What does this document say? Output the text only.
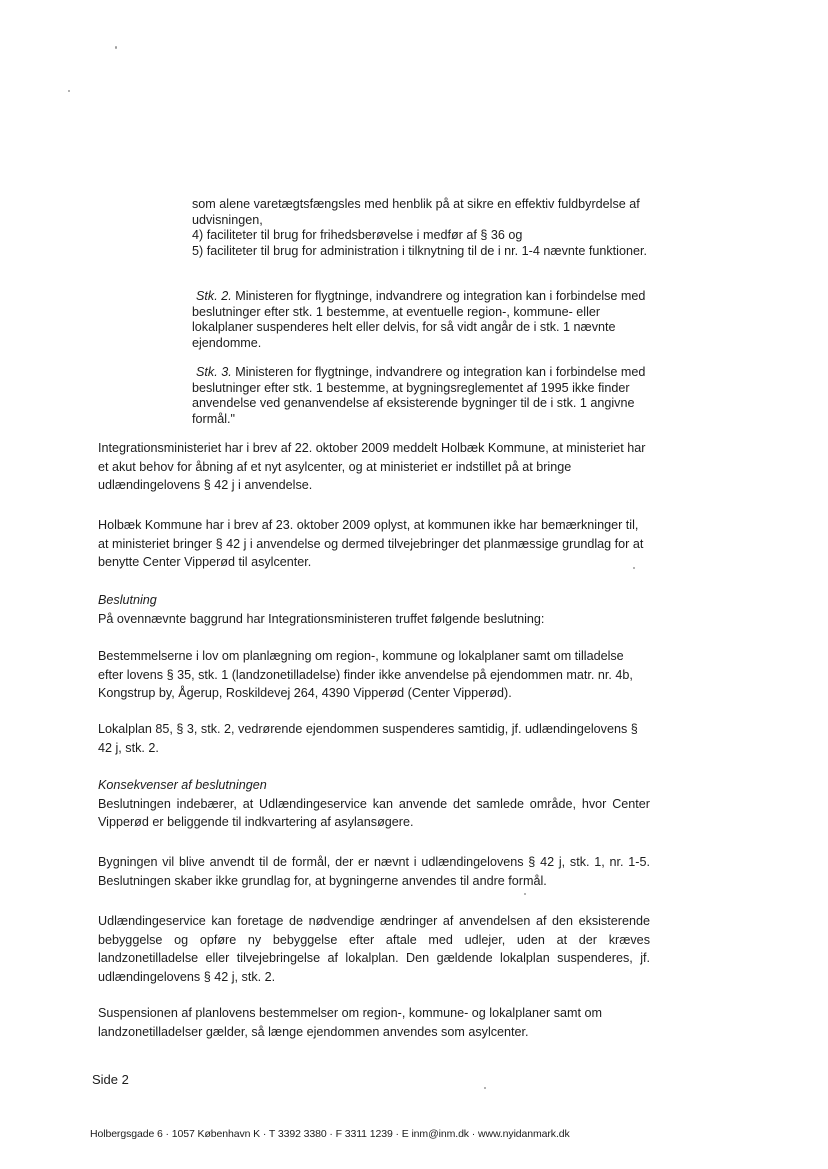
som alene varetægtsfængsles med henblik på at sikre en effektiv fuldbyrdelse af udvisningen,

4) faciliteter til brug for frihedsberøvelse i medfør af § 36 og

5) faciliteter til brug for administration i tilknytning til de i nr. 1-4 nævnte funktioner.

Stk. 2. Ministeren for flygtninge, indvandrere og integration kan i forbindelse med beslutninger efter stk. 1 bestemme, at eventuelle region-, kommune- eller lokalplaner suspenderes helt eller delvis, for så vidt angår de i stk. 1 nævnte ejendomme.

Stk. 3. Ministeren for flygtninge, indvandrere og integration kan i forbindelse med beslutninger efter stk. 1 bestemme, at bygningsreglementet af 1995 ikke finder anvendelse ved genanvendelse af eksisterende bygninger til de i stk. 1 angivne formål."

Integrationsministeriet har i brev af 22. oktober 2009 meddelt Holbæk Kommune, at ministeriet har et akut behov for åbning af et nyt asylcenter, og at ministeriet er indstillet på at bringe udlændingelovens § 42 j i anvendelse.

Holbæk Kommune har i brev af 23. oktober 2009 oplyst, at kommunen ikke har bemærkninger til, at ministeriet bringer § 42 j i anvendelse og dermed tilvejebringer det planmæssige grundlag for at benytte Center Vipperød til asylcenter.

Beslutning

På ovennævnte baggrund har Integrationsministeren truffet følgende beslutning:

Bestemmelserne i lov om planlægning om region-, kommune og lokalplaner samt om tilladelse efter lovens § 35, stk. 1 (landzonetilladelse) finder ikke anvendelse på ejendommen matr. nr. 4b, Kongstrup by, Ågerup, Roskildevej 264, 4390 Vipperød (Center Vipperød).

Lokalplan 85, § 3, stk. 2, vedrørende ejendommen suspenderes samtidig, jf. udlændingelovens § 42 j, stk. 2.

Konsekvenser af beslutningen

Beslutningen indebærer, at Udlændingeservice kan anvende det samlede område, hvor Center Vipperød er beliggende til indkvartering af asylansøgere.

Bygningen vil blive anvendt til de formål, der er nævnt i udlændingelovens § 42 j, stk. 1, nr. 1-5. Beslutningen skaber ikke grundlag for, at bygningerne anvendes til andre formål.

Udlændingeservice kan foretage de nødvendige ændringer af anvendelsen af den eksisterende bebyggelse og opføre ny bebyggelse efter aftale med udlejer, uden at der kræves landzonetilladelse eller tilvejebringelse af lokalplan. Den gældende lokalplan suspenderes, jf. udlændingelovens § 42 j, stk. 2.

Suspensionen af planlovens bestemmelser om region-, kommune- og lokalplaner samt om landzonetilladelser gælder, så længe ejendommen anvendes som asylcenter.

Side 2
Holbergsgade 6 · 1057 København K · T 3392 3380 · F 3311 1239 · E inm@inm.dk · www.nyidanmark.dk
